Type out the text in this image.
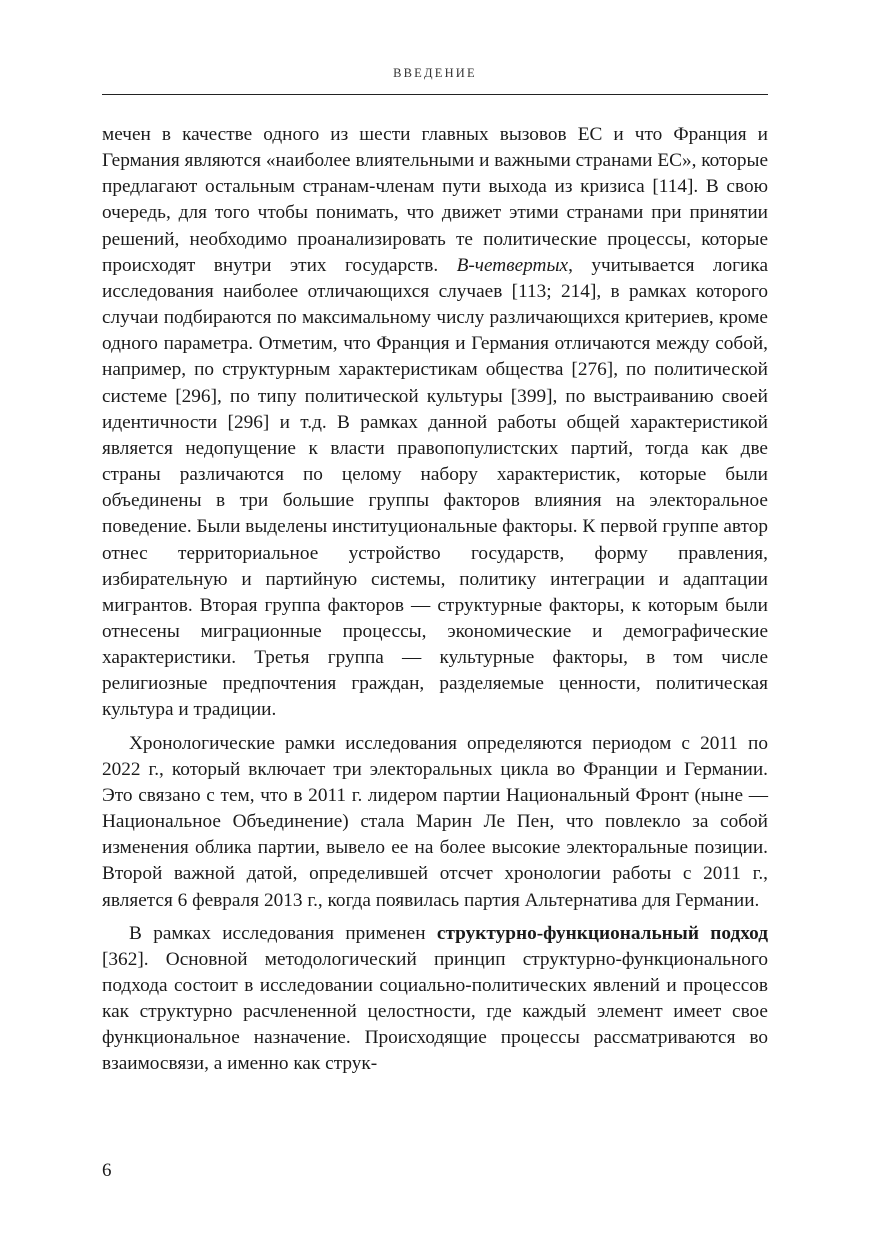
ВВЕДЕНИЕ

мечен в качестве одного из шести главных вызовов ЕС и что Франция и Германия являются «наиболее влиятельными и важными странами ЕС», которые предлагают остальным странам-членам пути выхода из кризиса [114]. В свою очередь, для того чтобы понимать, что движет этими странами при принятии решений, необходимо проанализировать те политические процессы, которые происходят внутри этих государств. В-четвертых, учитывается логика исследования наиболее отличающихся случаев [113; 214], в рамках которого случаи подбираются по максимальному числу различающихся критериев, кроме одного параметра. Отметим, что Франция и Германия отличаются между собой, например, по структурным характеристикам общества [276], по политической системе [296], по типу политической культуры [399], по выстраиванию своей идентичности [296] и т.д. В рамках данной работы общей характеристикой является недопущение к власти правопопулистских партий, тогда как две страны различаются по целому набору характеристик, которые были объединены в три большие группы факторов влияния на электоральное поведение. Были выделены институциональные факторы. К первой группе автор отнес территориальное устройство государств, форму правления, избирательную и партийную системы, политику интеграции и адаптации мигрантов. Вторая группа факторов — структурные факторы, к которым были отнесены миграционные процессы, экономические и демографические характеристики. Третья группа — культурные факторы, в том числе религиозные предпочтения граждан, разделяемые ценности, политическая культура и традиции.

Хронологические рамки исследования определяются периодом с 2011 по 2022 г., который включает три электоральных цикла во Франции и Германии. Это связано с тем, что в 2011 г. лидером партии Национальный Фронт (ныне — Национальное Объединение) стала Марин Ле Пен, что повлекло за собой изменения облика партии, вывело ее на более высокие электоральные позиции. Второй важной датой, определившей отсчет хронологии работы с 2011 г., является 6 февраля 2013 г., когда появилась партия Альтернатива для Германии.

В рамках исследования применен структурно-функциональный подход [362]. Основной методологический принцип структурно-функционального подхода состоит в исследовании социально-политических явлений и процессов как структурно расчлененной целостности, где каждый элемент имеет свое функциональное назначение. Происходящие процессы рассматриваются во взаимосвязи, а именно как струк-

6
